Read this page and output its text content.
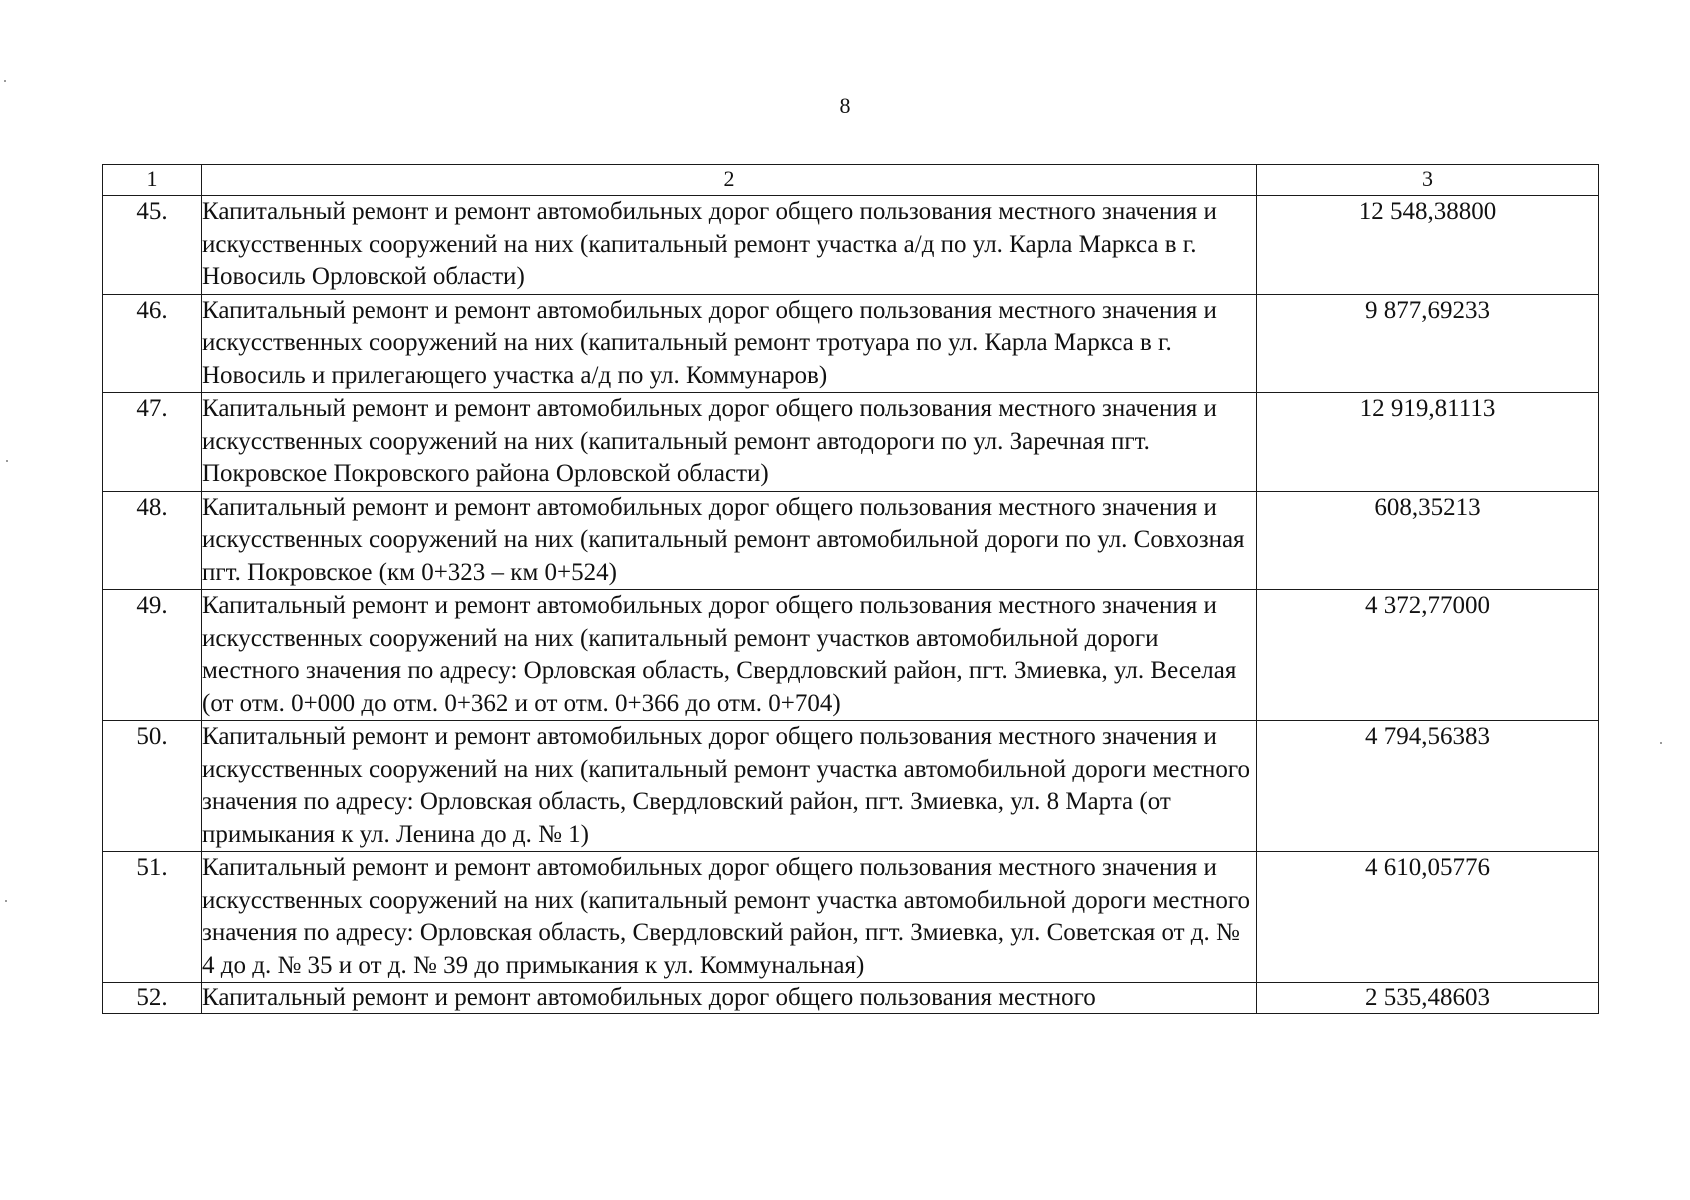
8
1	2	3
45.	Капитальный ремонт и ремонт автомобильных дорог общего пользования местного значения и искусственных сооружений на них (капитальный ремонт участка а/д по ул. Карла Маркса в г. Новосиль Орловской области)	12 548,38800
46.	Капитальный ремонт и ремонт автомобильных дорог общего пользования местного значения и искусственных сооружений на них (капитальный ремонт тротуара по ул. Карла Маркса в г. Новосиль и прилегающего участка а/д по ул. Коммунаров)	9 877,69233
47.	Капитальный ремонт и ремонт автомобильных дорог общего пользования местного значения и искусственных сооружений на них (капитальный ремонт автодороги по ул. Заречная пгт. Покровское Покровского района Орловской области)	12 919,81113
48.	Капитальный ремонт и ремонт автомобильных дорог общего пользования местного значения и искусственных сооружений на них (капитальный ремонт автомобильной дороги по ул. Совхозная пгт. Покровское (км 0+323 – км 0+524)	608,35213
49.	Капитальный ремонт и ремонт автомобильных дорог общего пользования местного значения и искусственных сооружений на них (капитальный ремонт участков автомобильной дороги местного значения по адресу: Орловская область, Свердловский район, пгт. Змиевка, ул. Веселая (от отм. 0+000 до отм. 0+362 и от отм. 0+366 до отм. 0+704)	4 372,77000
50.	Капитальный ремонт и ремонт автомобильных дорог общего пользования местного значения и искусственных сооружений на них (капитальный ремонт участка автомобильной дороги местного значения по адресу: Орловская область, Свердловский район, пгт. Змиевка, ул. 8 Марта (от примыкания к ул. Ленина до д. № 1)	4 794,56383
51.	Капитальный ремонт и ремонт автомобильных дорог общего пользования местного значения и искусственных сооружений на них (капитальный ремонт участка автомобильной дороги местного значения по адресу: Орловская область, Свердловский район, пгт. Змиевка, ул. Советская от д. № 4 до д. № 35 и от д. № 39 до примыкания к ул. Коммунальная)	4 610,05776
52.	Капитальный ремонт и ремонт автомобильных дорог общего пользования местного	2 535,48603
